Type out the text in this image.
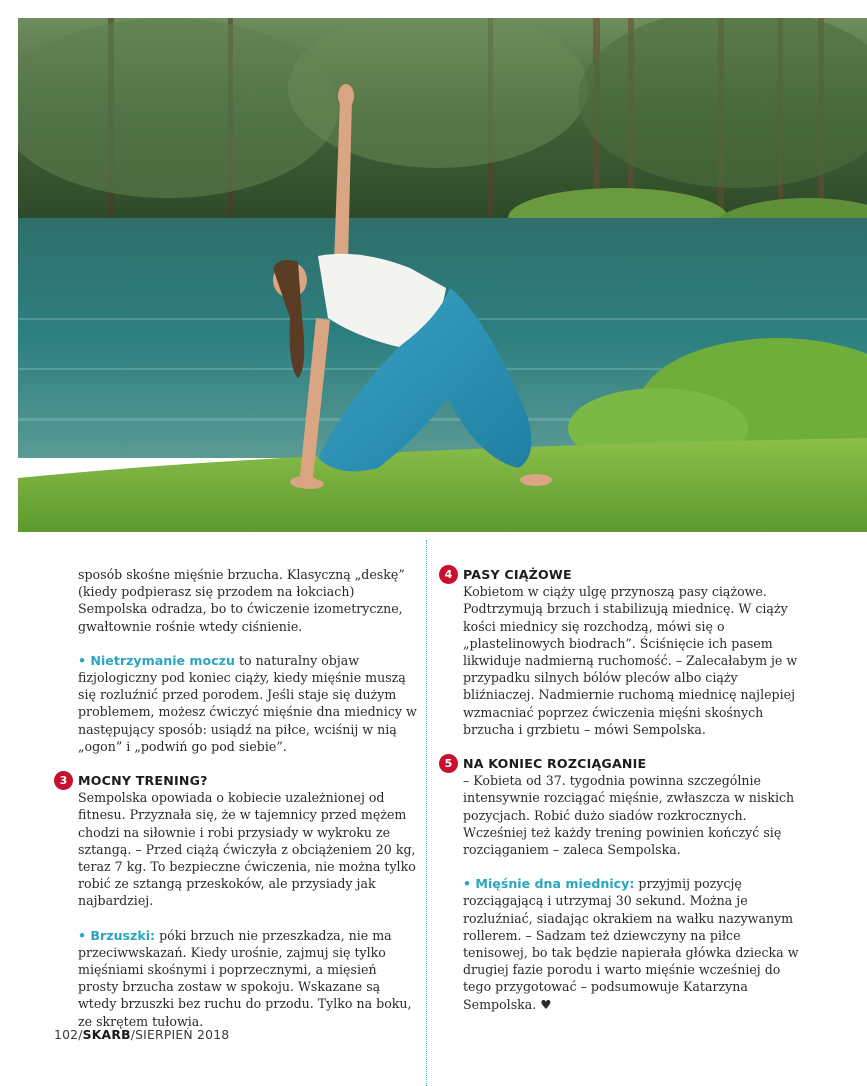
sposób skośne mięśnie brzucha. Klasyczną „deskę” (kiedy podpierasz się przodem na łokciach) Sempolska odradza, bo to ćwiczenie izometryczne, gwałtownie rośnie wtedy ciśnienie.

• Nietrzymanie moczu to naturalny objaw fizjologiczny pod koniec ciąży, kiedy mięśnie muszą się rozluźnić przed porodem. Jeśli staje się dużym problemem, możesz ćwiczyć mięśnie dna miednicy w następujący sposób: usiądź na piłce, wciśnij w nią „ogon” i „podwiń go pod siebie”.

3 MOCNY TRENING?

Sempolska opowiada o kobiecie uzależnionej od fitnesu. Przyznała się, że w tajemnicy przed mężem chodzi na siłownie i robi przysiady w wykroku ze sztangą. – Przed ciążą ćwiczyła z obciążeniem 20 kg, teraz 7 kg. To bezpieczne ćwiczenia, nie można tylko robić ze sztangą przeskoków, ale przysiady jak najbardziej.

• Brzuszki: póki brzuch nie przeszkadza, nie ma przeciwwskazań. Kiedy urośnie, zajmuj się tylko mięśniami skośnymi i poprzecznymi, a mięsień prosty brzucha zostaw w spokoju. Wskazane są wtedy brzuszki bez ruchu do przodu. Tylko na boku, ze skrętem tułowia.

4 PASY CIĄŻOWE

Kobietom w ciąży ulgę przynoszą pasy ciążowe. Podtrzymują brzuch i stabilizują miednicę. W ciąży kości miednicy się rozchodzą, mówi się o „plastelinowych biodrach”. Ściśnięcie ich pasem likwiduje nadmierną ruchomość. – Zalecałabym je w przypadku silnych bólów pleców albo ciąży bliźniaczej. Nadmiernie ruchomą miednicę najlepiej wzmacniać poprzez ćwiczenia mięśni skośnych brzucha i grzbietu – mówi Sempolska.

5 NA KONIEC ROZCIĄGANIE

– Kobieta od 37. tygodnia powinna szczególnie intensywnie rozciągać mięśnie, zwłaszcza w niskich pozycjach. Robić dużo siadów rozkrocznych. Wcześniej też każdy trening powinien kończyć się rozciąganiem – zaleca Sempolska.

• Mięśnie dna miednicy: przyjmij pozycję rozciągającą i utrzymaj 30 sekund. Można je rozluźniać, siadając okrakiem na wałku nazywanym rollerem. – Sadzam też dziewczyny na piłce tenisowej, bo tak będzie napierała główka dziecka w drugiej fazie porodu i warto mięśnie wcześniej do tego przygotować – podsumowuje Katarzyna Sempolska. ♥

102/SKARB/SIERPIEŃ 2018
